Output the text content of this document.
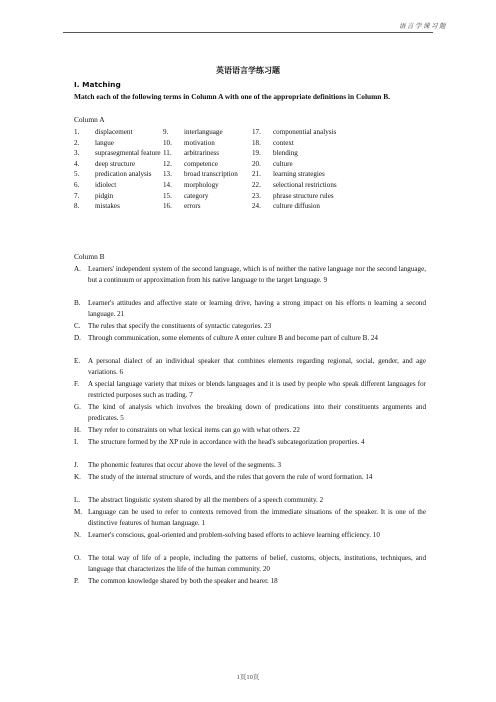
语言学课习题
英语语言学练习题
Ⅰ. Matching
Match each of the following terms in Column A with one of the appropriate definitions in Column B.
Column A
1. displacement
2. langue
3. suprasegmental feature
4. deep structure
5. predication analysis
6. idiolect
7. pidgin
8. mistakes
9. interlanguage
10. motivation
11. arbitrariness
12. competence
13. broad transcription
14. morphology
15. category
16. errors
17. componential analysis
18. context
19. blending
20. culture
21. learning strategies
22. selectional restrictions
23. phrase structure rules
24. culture diffusion
Column B
A. Learners' independent system of the second language, which is of neither the native language nor the second language, but a continuum or approximation from his native language to the target language. 9
B. Learner's attitudes and affective state or learning drive, having a strong impact on his efforts n learning a second language. 21
C. The rules that specify the constituents of syntactic categories. 23
D. Through communication, some elements of culture A enter culture B and become part of culture B. 24
E. A personal dialect of an individual speaker that combines elements regarding regional, social, gender, and age variations. 6
F. A special language variety that mixes or blends languages and it is used by people who speak different languages for restricted purposes such as trading. 7
G. The kind of analysis which involves the breaking down of predications into their constituents arguments and predicates. 5
H. They refer to constraints on what lexical items can go with what others. 22
I. The structure formed by the XP rule in accordance with the head's subcategorization properties. 4
J. The phonemic features that occur above the level of the segments. 3
K. The study of the internal structure of words, and the rules that govern the rule of word formation. 14
L. The abstract linguistic system shared by all the members of a speech community. 2
M. Language can be used to refer to contexts removed from the immediate situations of the speaker. It is one of the distinctive features of human language. 1
N. Learner's conscious, goal-oriented and problem-solving based efforts to achieve learning efficiency. 10
O. The total way of life of a people, including the patterns of belief, customs, objects, institutions, techniques, and language that characterizes the life of the human community. 20
P. The common knowledge shared by both the speaker and hearer. 18
1页10页
